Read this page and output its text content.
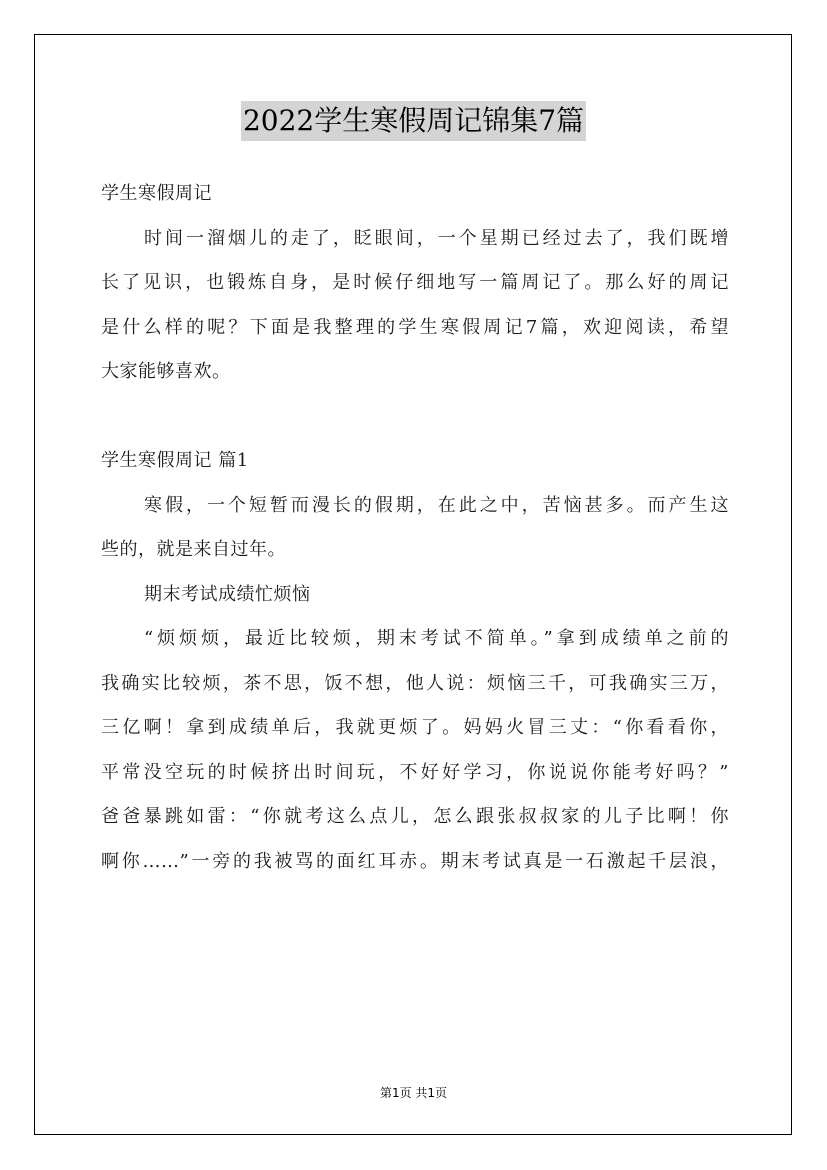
2022学生寒假周记锦集7篇
学生寒假周记
时间一溜烟儿的走了，眨眼间，一个星期已经过去了，我们既增
长了见识，也锻炼自身，是时候仔细地写一篇周记了。那么好的周记
是什么样的呢？下面是我整理的学生寒假周记7篇，欢迎阅读，希望
大家能够喜欢。
学生寒假周记 篇1
寒假，一个短暂而漫长的假期，在此之中，苦恼甚多。而产生这
些的，就是来自过年。
期末考试成绩忙烦恼
“烦烦烦，最近比较烦，期末考试不简单。”拿到成绩单之前的
我确实比较烦，茶不思，饭不想，他人说：烦恼三千，可我确实三万，
三亿啊！拿到成绩单后，我就更烦了。妈妈火冒三丈：“你看看你，
平常没空玩的时候挤出时间玩，不好好学习，你说说你能考好吗？”
爸爸暴跳如雷：“你就考这么点儿，怎么跟张叔叔家的儿子比啊！你
啊你……”一旁的我被骂的面红耳赤。期末考试真是一石激起千层浪，
第1页 共1页
